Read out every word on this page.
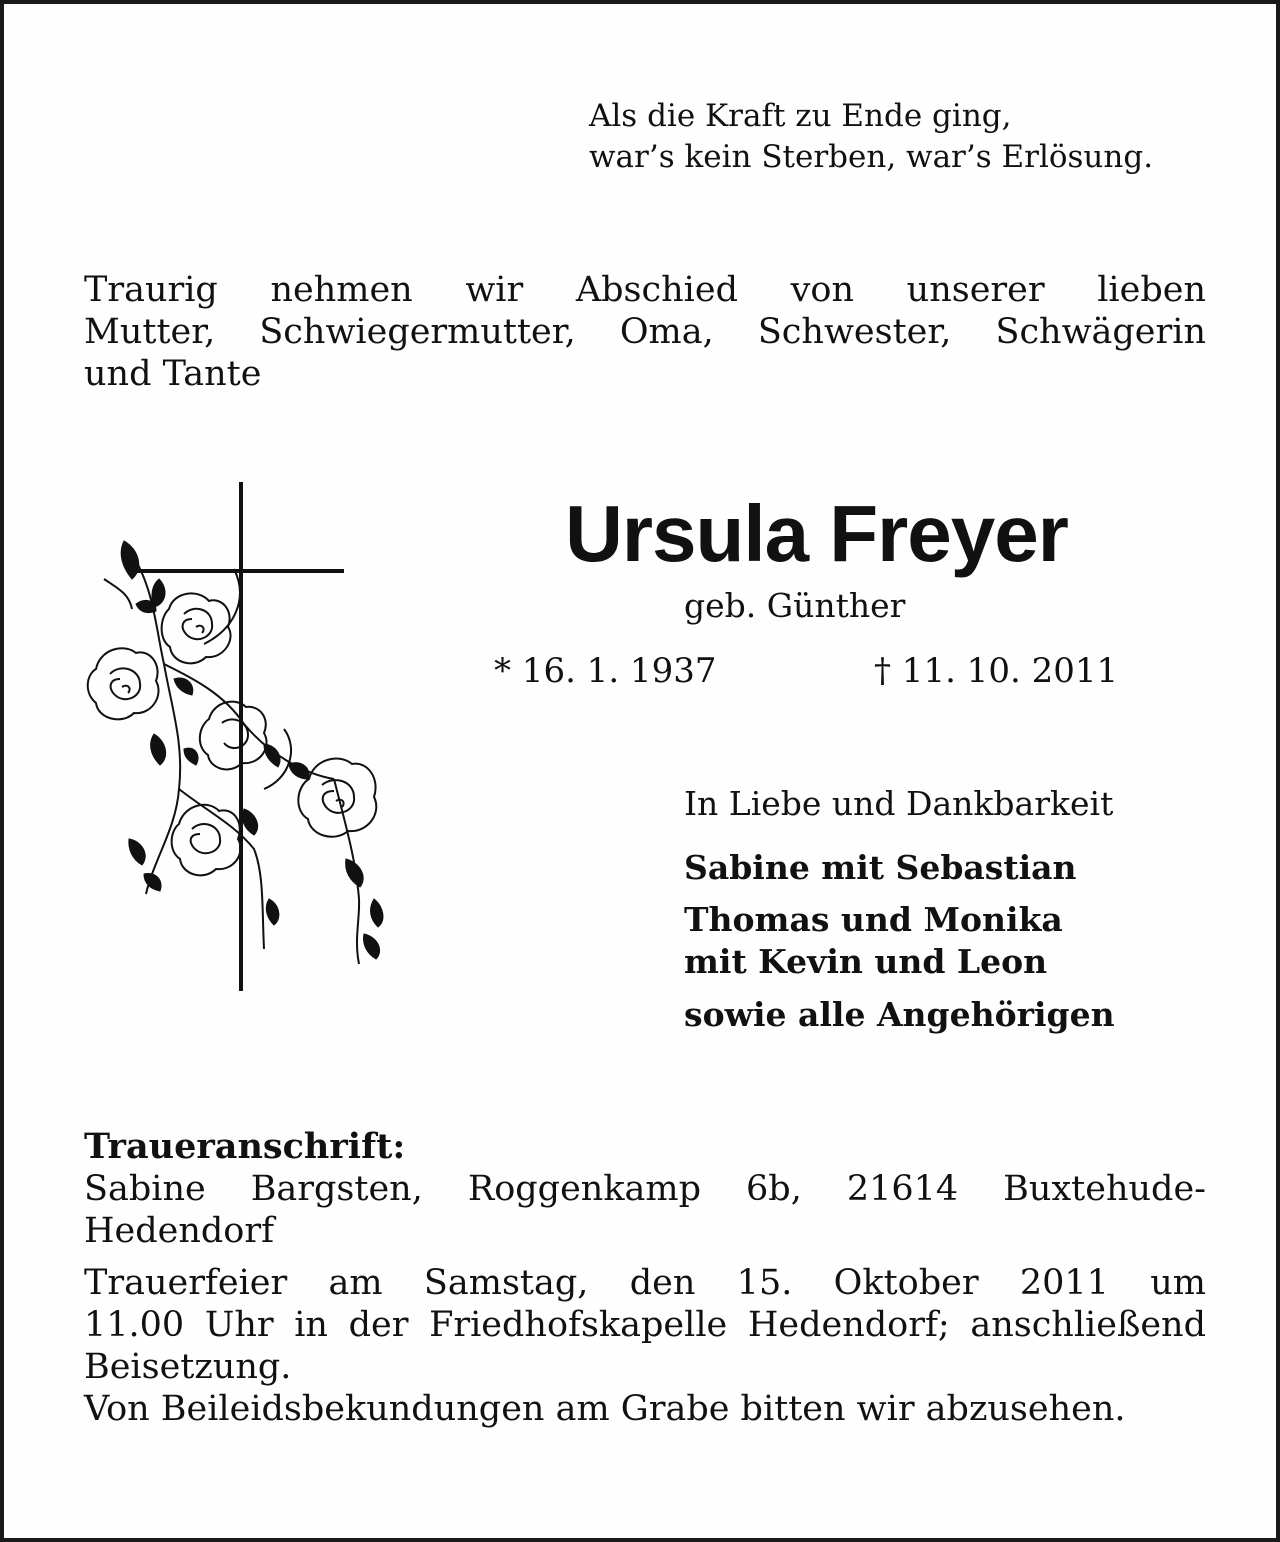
Als die Kraft zu Ende ging,
war’s kein Sterben, war’s Erlösung.
Traurig nehmen wir Abschied von unserer lieben
Mutter, Schwiegermutter, Oma, Schwester, Schwägerin
und Tante
Ursula Freyer
geb. Günther
* 16. 1. 1937	† 11. 10. 2011
In Liebe und Dankbarkeit
Sabine mit Sebastian
Thomas und Monika
mit Kevin und Leon
sowie alle Angehörigen
Traueranschrift:
Sabine Bargsten, Roggenkamp 6b, 21614 Buxtehude-
Hedendorf
Trauerfeier am Samstag, den 15. Oktober 2011 um
11.00 Uhr in der Friedhofskapelle Hedendorf; anschließend
Beisetzung.
Von Beileidsbekundungen am Grabe bitten wir abzusehen.
